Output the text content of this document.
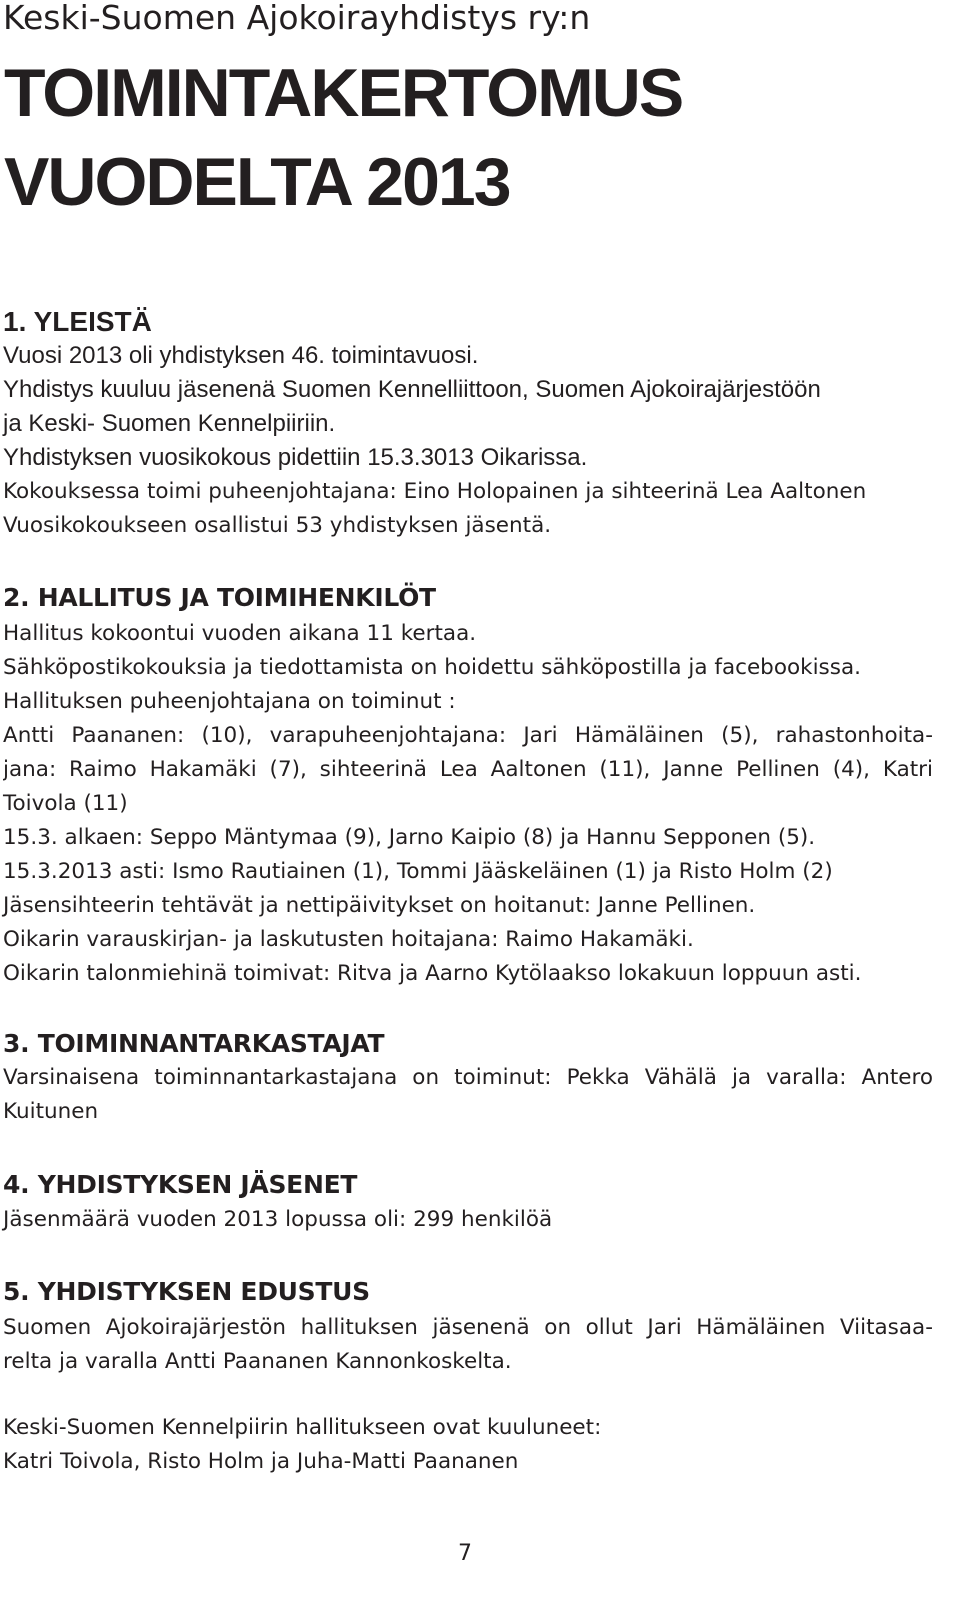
Keski-Suomen Ajokoirayhdistys ry:n
TOIMINTAKERTOMUS
VUODELTA 2013
1. YLEISTÄ
Vuosi 2013 oli yhdistyksen 46. toimintavuosi.
Yhdistys kuuluu jäsenenä Suomen Kennelliittoon, Suomen Ajokoirajärjestöön
ja Keski- Suomen Kennelpiiriin.
Yhdistyksen vuosikokous pidettiin 15.3.3013 Oikarissa.
Kokouksessa toimi puheenjohtajana: Eino Holopainen ja sihteerinä Lea Aaltonen
Vuosikokoukseen osallistui 53 yhdistyksen jäsentä.
2. HALLITUS JA TOIMIHENKILÖT
Hallitus kokoontui vuoden aikana 11 kertaa.
Sähköpostikokouksia ja tiedottamista on hoidettu sähköpostilla ja facebookissa.
Hallituksen puheenjohtajana on toiminut :
Antti Paananen: (10), varapuheenjohtajana: Jari Hämäläinen (5), rahastonhoita-
jana: Raimo Hakamäki (7), sihteerinä Lea Aaltonen (11), Janne Pellinen (4), Katri
Toivola (11)
15.3. alkaen: Seppo Mäntymaa (9), Jarno Kaipio (8) ja Hannu Sepponen (5).
15.3.2013 asti: Ismo Rautiainen (1), Tommi Jääskeläinen (1) ja Risto Holm (2)
Jäsensihteerin tehtävät ja nettipäivitykset on hoitanut: Janne Pellinen.
Oikarin varauskirjan- ja laskutusten hoitajana: Raimo Hakamäki.
Oikarin talonmiehinä toimivat: Ritva ja Aarno Kytölaakso lokakuun loppuun asti.
3. TOIMINNANTARKASTAJAT
Varsinaisena toiminnantarkastajana on toiminut: Pekka Vähälä ja varalla: Antero
Kuitunen
4. YHDISTYKSEN JÄSENET
Jäsenmäärä vuoden 2013 lopussa oli: 299 henkilöä
5. YHDISTYKSEN EDUSTUS
Suomen Ajokoirajärjestön hallituksen jäsenenä on ollut Jari Hämäläinen Viitasaa-
relta ja varalla Antti Paananen Kannonkoskelta.
Keski-Suomen Kennelpiirin hallitukseen ovat kuuluneet:
Katri Toivola, Risto Holm ja Juha-Matti Paananen
7
